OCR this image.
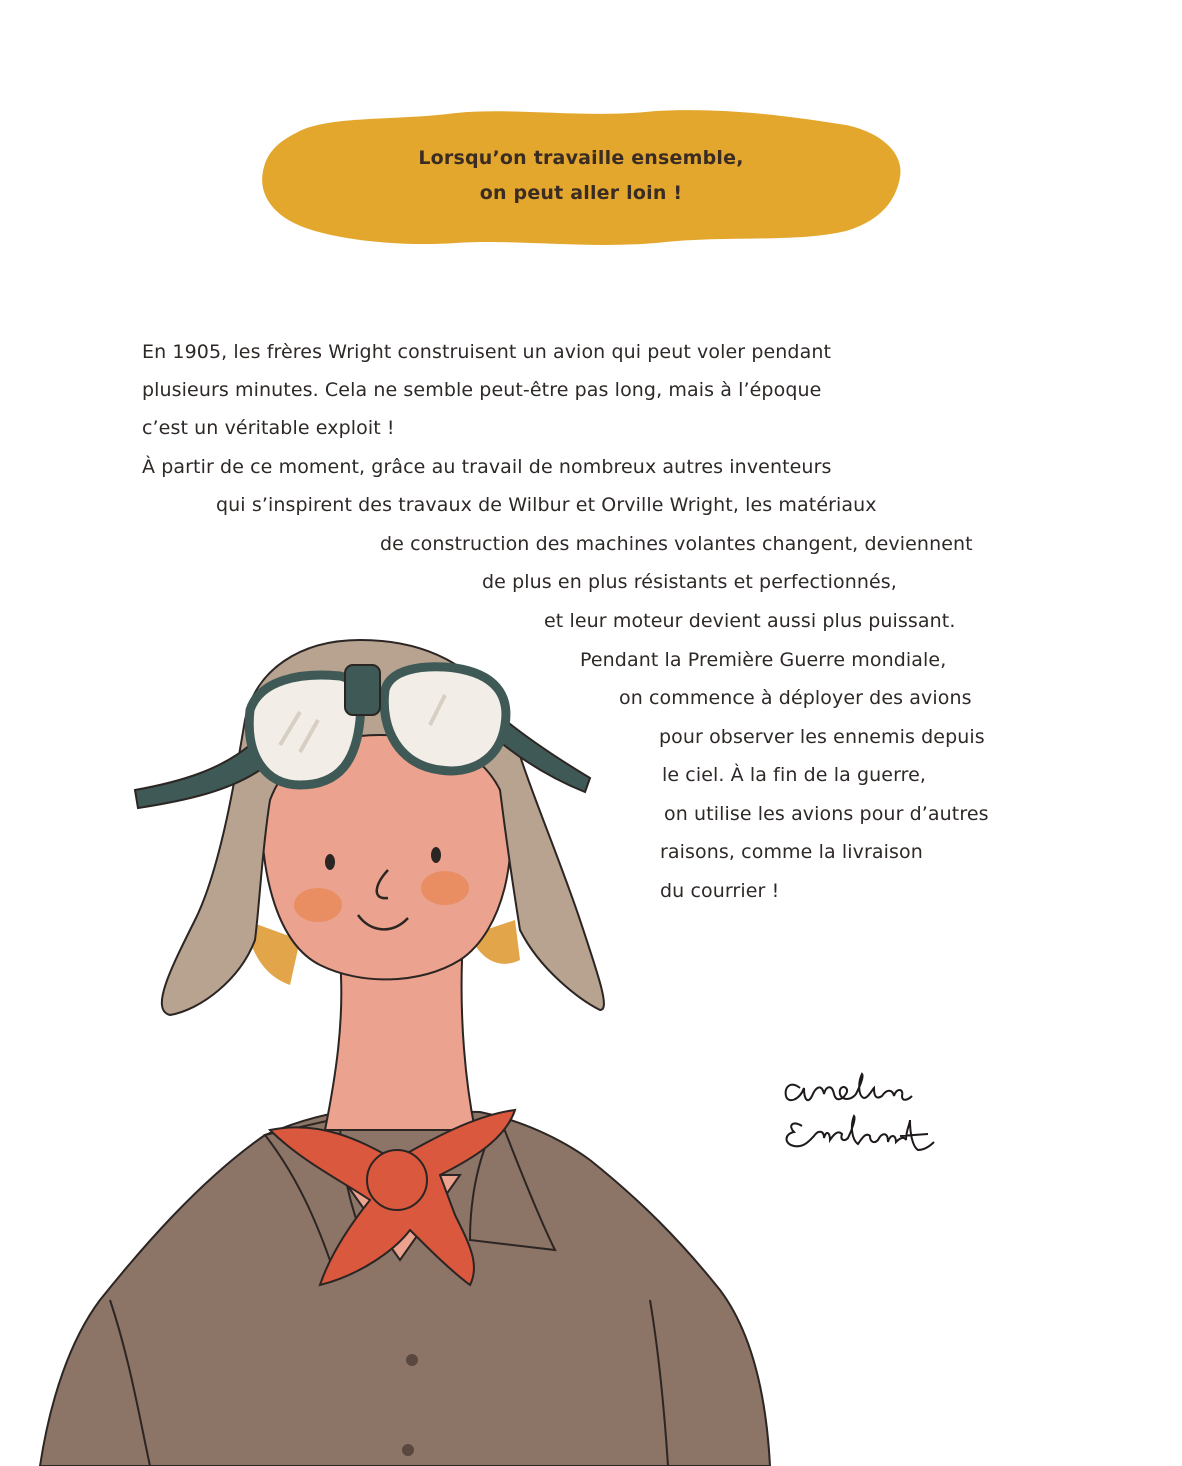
Lorsqu’on travaille ensemble,
on peut aller loin !
En 1905, les frères Wright construisent un avion qui peut voler pendant
plusieurs minutes. Cela ne semble peut-être pas long, mais à l’époque
c’est un véritable exploit !
À partir de ce moment, grâce au travail de nombreux autres inventeurs
qui s’inspirent des travaux de Wilbur et Orville Wright, les matériaux
de construction des machines volantes changent, deviennent
de plus en plus résistants et perfectionnés,
et leur moteur devient aussi plus puissant.
Pendant la Première Guerre mondiale,
on commence à déployer des avions
pour observer les ennemis depuis
le ciel. À la fin de la guerre,
on utilise les avions pour d’autres
raisons, comme la livraison
du courrier !
